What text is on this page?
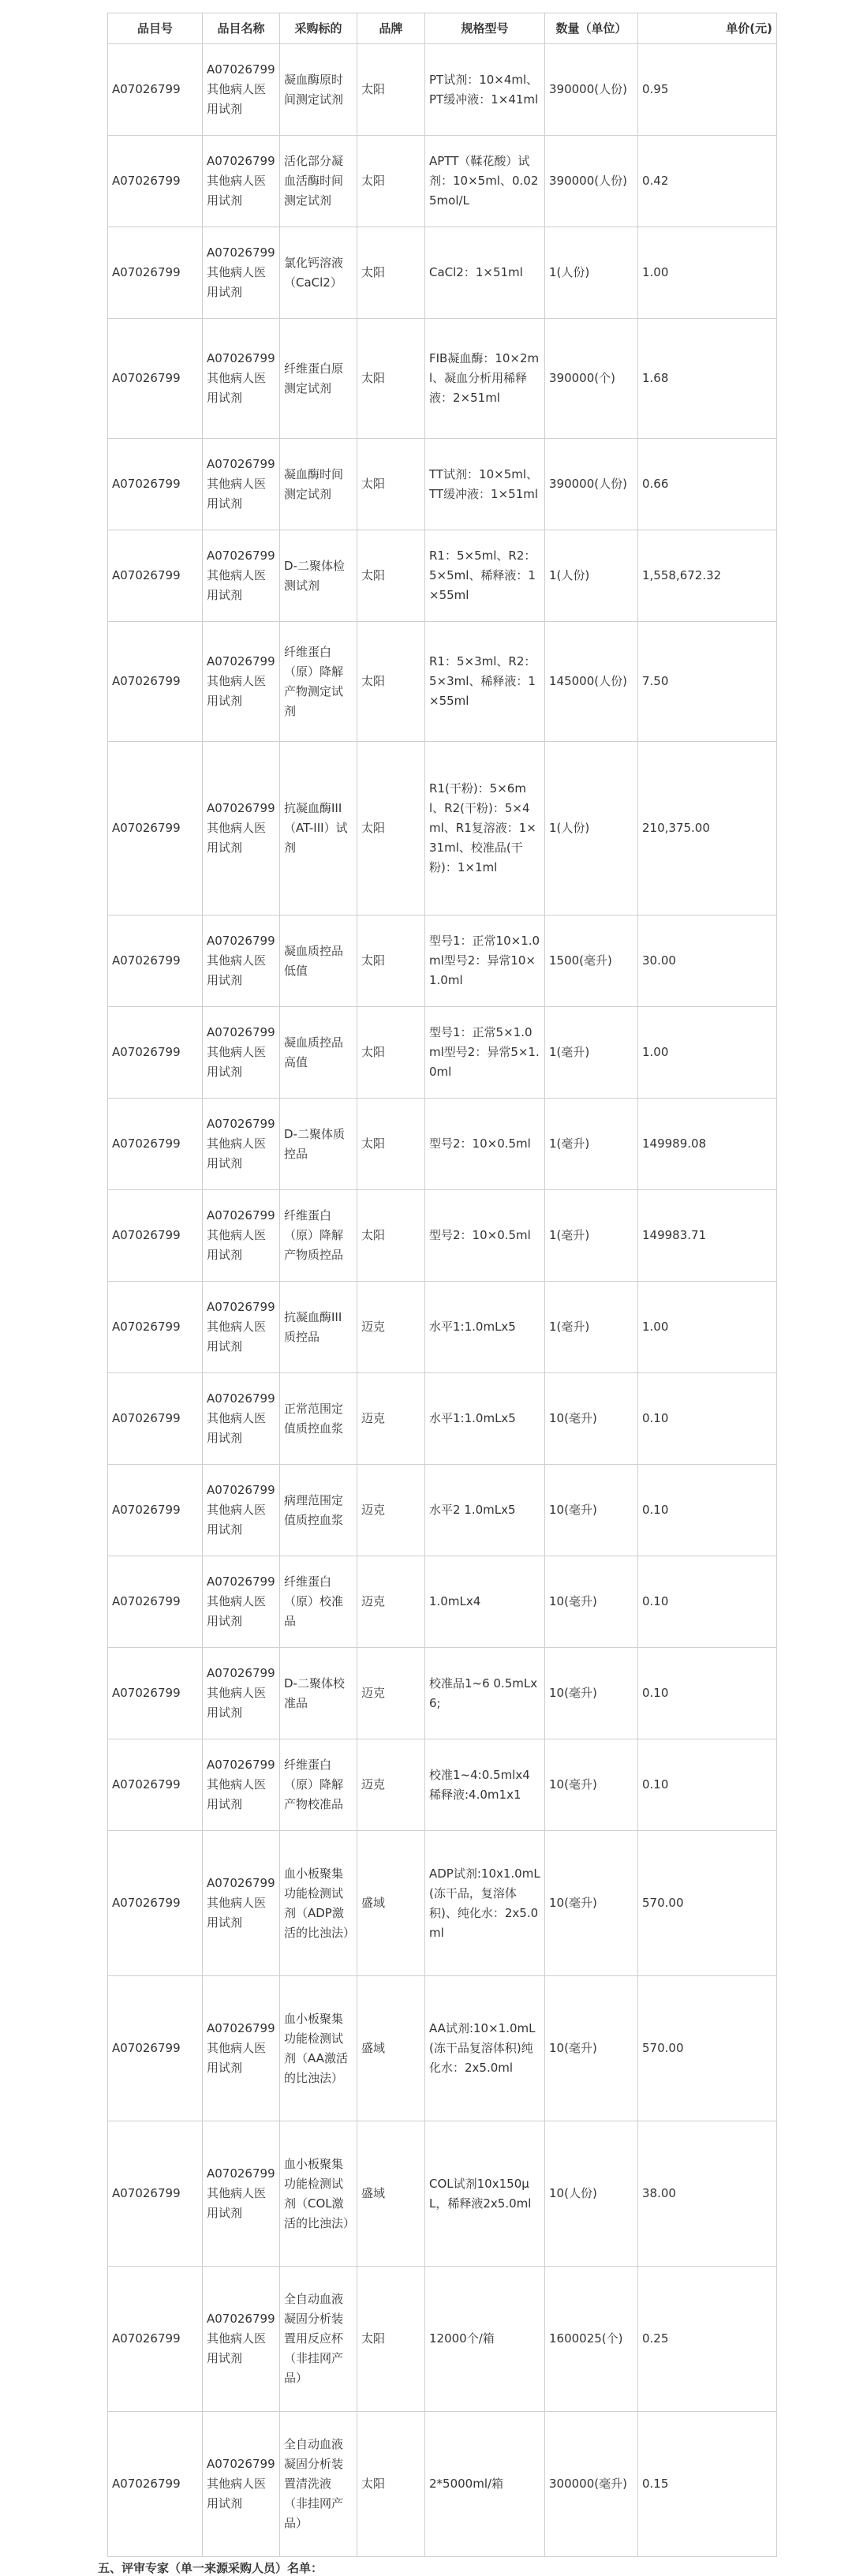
品目号	品目名称	采购标的	品牌	规格型号	数量（单位）	单价(元)
A07026799	A07026799其他病人医用试剂	凝血酶原时间测定试剂	太阳	PT试剂：10×4ml、PT缓冲液：1×41ml	390000(人份)	0.95
A07026799	A07026799其他病人医用试剂	活化部分凝血活酶时间测定试剂	太阳	APTT（鞣花酸）试剂：10×5ml、0.025mol/L	390000(人份)	0.42
A07026799	A07026799其他病人医用试剂	氯化钙溶液（CaCl2）	太阳	CaCl2：1×51ml	1(人份)	1.00
A07026799	A07026799其他病人医用试剂	纤维蛋白原测定试剂	太阳	FIB凝血酶：10×2ml、凝血分析用稀释液：2×51ml	390000(个)	1.68
A07026799	A07026799其他病人医用试剂	凝血酶时间测定试剂	太阳	TT试剂：10×5ml、TT缓冲液：1×51ml	390000(人份)	0.66
A07026799	A07026799其他病人医用试剂	D-二聚体检测试剂	太阳	R1：5×5ml、R2：5×5ml、稀释液：1×55ml	1(人份)	1,558,672.32
A07026799	A07026799其他病人医用试剂	纤维蛋白（原）降解产物测定试剂	太阳	R1：5×3ml、R2：5×3ml、稀释液：1×55ml	145000(人份)	7.50
A07026799	A07026799其他病人医用试剂	抗凝血酶III（AT-III）试剂	太阳	R1(干粉)：5×6ml、R2(干粉)：5×4ml、R1复溶液：1×31ml、校准品(干粉)：1×1ml	1(人份)	210,375.00
A07026799	A07026799其他病人医用试剂	凝血质控品低值	太阳	型号1：正常10×1.0ml型号2：异常10×1.0ml	1500(毫升)	30.00
A07026799	A07026799其他病人医用试剂	凝血质控品高值	太阳	型号1：正常5×1.0ml型号2：异常5×1.0ml	1(毫升)	1.00
A07026799	A07026799其他病人医用试剂	D-二聚体质控品	太阳	型号2：10×0.5ml	1(毫升)	149989.08
A07026799	A07026799其他病人医用试剂	纤维蛋白（原）降解产物质控品	太阳	型号2：10×0.5ml	1(毫升)	149983.71
A07026799	A07026799其他病人医用试剂	抗凝血酶III质控品	迈克	水平1:1.0mLx5	1(毫升)	1.00
A07026799	A07026799其他病人医用试剂	正常范围定值质控血浆	迈克	水平1:1.0mLx5	10(毫升)	0.10
A07026799	A07026799其他病人医用试剂	病理范围定值质控血浆	迈克	水平2 1.0mLx5	10(毫升)	0.10
A07026799	A07026799其他病人医用试剂	纤维蛋白（原）校准品	迈克	1.0mLx4	10(毫升)	0.10
A07026799	A07026799其他病人医用试剂	D-二聚体校准品	迈克	校准品1~6 0.5mLx6;	10(毫升)	0.10
A07026799	A07026799其他病人医用试剂	纤维蛋白（原）降解产物校准品	迈克	校准1~4:0.5mlx4 稀释液:4.0m1x1	10(毫升)	0.10
A07026799	A07026799其他病人医用试剂	血小板聚集功能检测试剂（ADP激活的比浊法）	盛域	ADP试剂:10x1.0mL(冻干品，复溶体积)、纯化水：2x5.0ml	10(毫升)	570.00
A07026799	A07026799其他病人医用试剂	血小板聚集功能检测试剂（AA激活的比浊法）	盛域	AA试剂:10×1.0mL(冻干品复溶体积)纯化水：2x5.0ml	10(毫升)	570.00
A07026799	A07026799其他病人医用试剂	血小板聚集功能检测试剂（COL激活的比浊法）	盛域	COL试剂10x150μL，稀释液2x5.0ml	10(人份)	38.00
A07026799	A07026799其他病人医用试剂	全自动血液凝固分析装置用反应杯（非挂网产品）	太阳	12000个/箱	1600025(个)	0.25
A07026799	A07026799其他病人医用试剂	全自动血液凝固分析装置清洗液（非挂网产品）	太阳	2*5000ml/箱	300000(毫升)	0.15
五、评审专家（单一来源采购人员）名单：
